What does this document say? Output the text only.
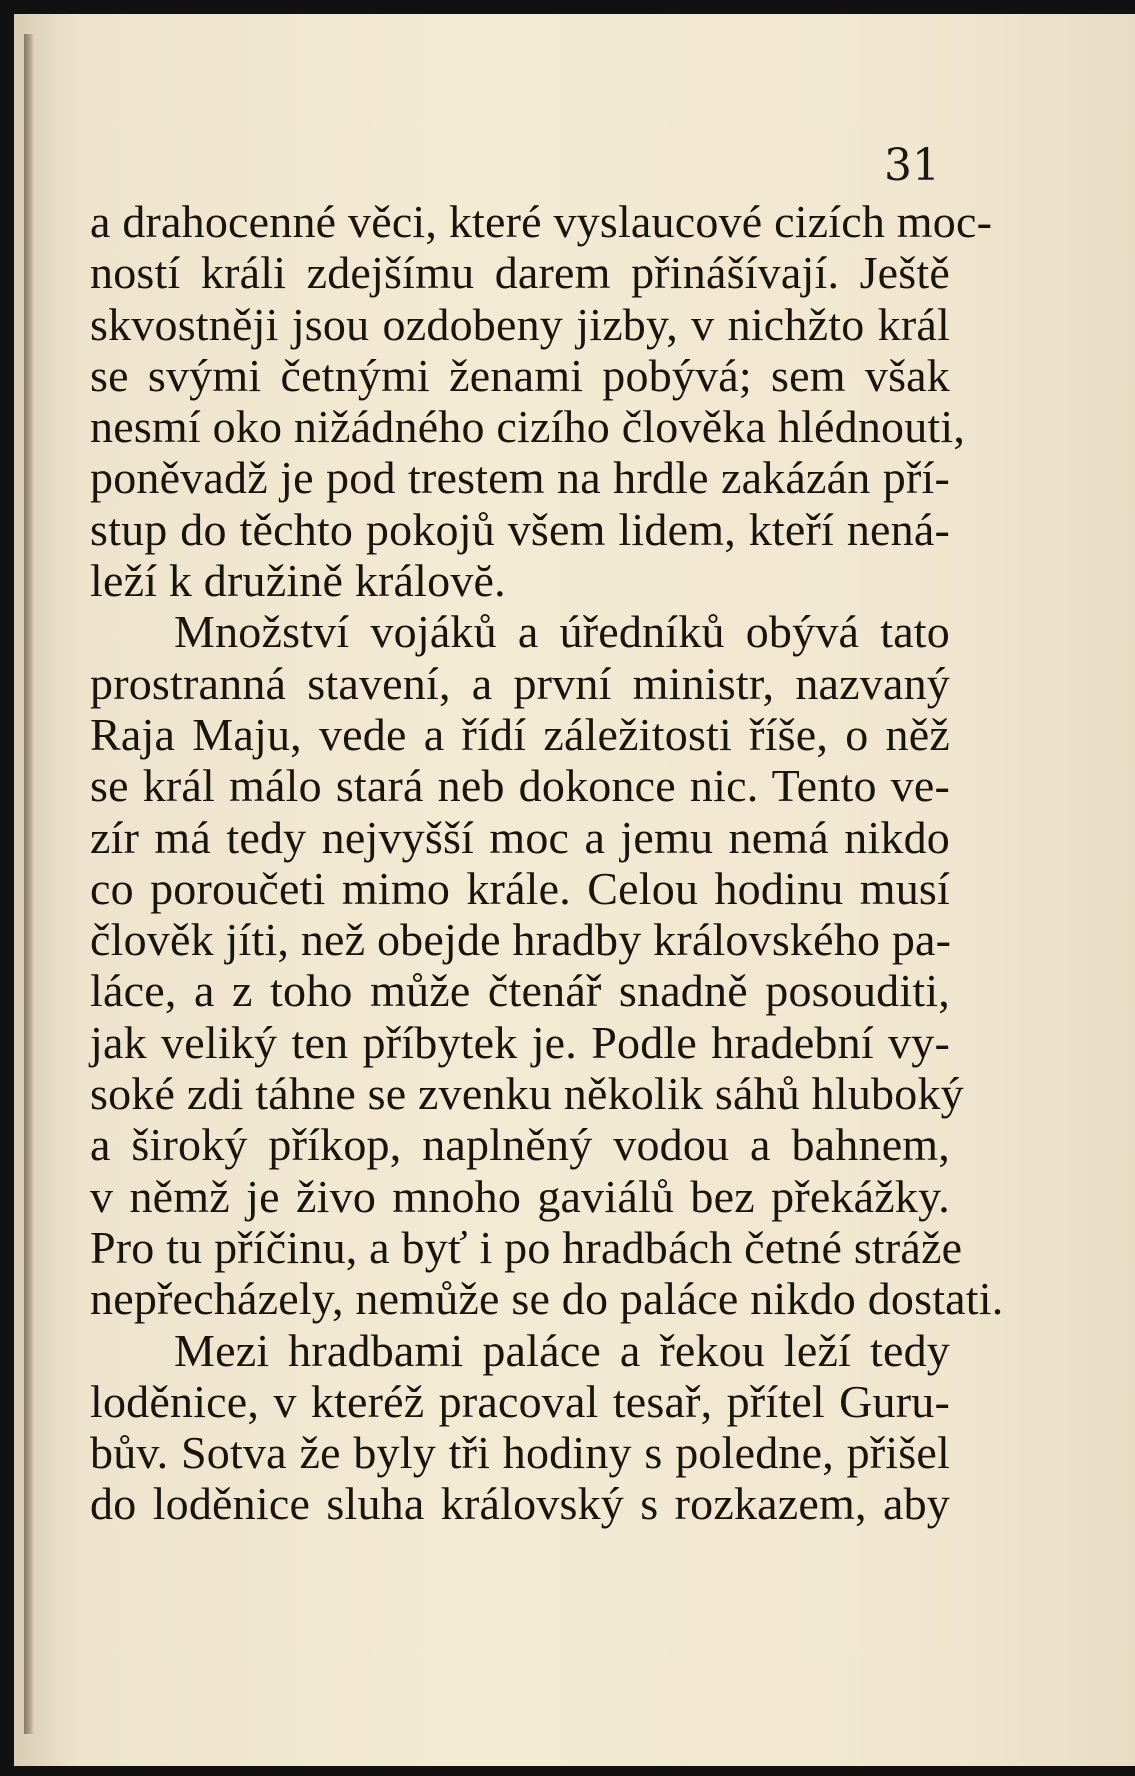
31
a drahocenné věci, které vyslaucové cizích moc-
ností králi zdejšímu darem přinášívají. Ještě
skvostněji jsou ozdobeny jizby, v nichžto král
se svými četnými ženami pobývá; sem však
nesmí oko nižádného cizího člověka hlédnouti,
poněvadž je pod trestem na hrdle zakázán pří-
stup do těchto pokojů všem lidem, kteří nená-
leží k družině královĕ.
Množství vojáků a úředníků obývá tato
prostranná stavení, a první ministr, nazvaný
Raja Maju, vede a řídí záležitosti říše, o něž
se král málo stará neb dokonce nic. Tento ve-
zír má tedy nejvyšší moc a jemu nemá nikdo
co poroučeti mimo krále. Celou hodinu musí
člověk jíti, než obejde hradby královského pa-
láce, a z toho může čtenář snadně posouditi,
jak veliký ten příbytek je. Podle hradební vy-
soké zdi táhne se zvenku několik sáhů hluboký
a široký příkop, naplněný vodou a bahnem,
v němž je živo mnoho gaviálů bez překážky.
Pro tu příčinu, a byť i po hradbách četné stráže
nepřecházely, nemůže se do paláce nikdo dostati.
Mezi hradbami paláce a řekou leží tedy
loděnice, v kteréž pracoval tesař, přítel Guru-
bův. Sotva že byly tři hodiny s poledne, přišel
do loděnice sluha královský s rozkazem, aby
